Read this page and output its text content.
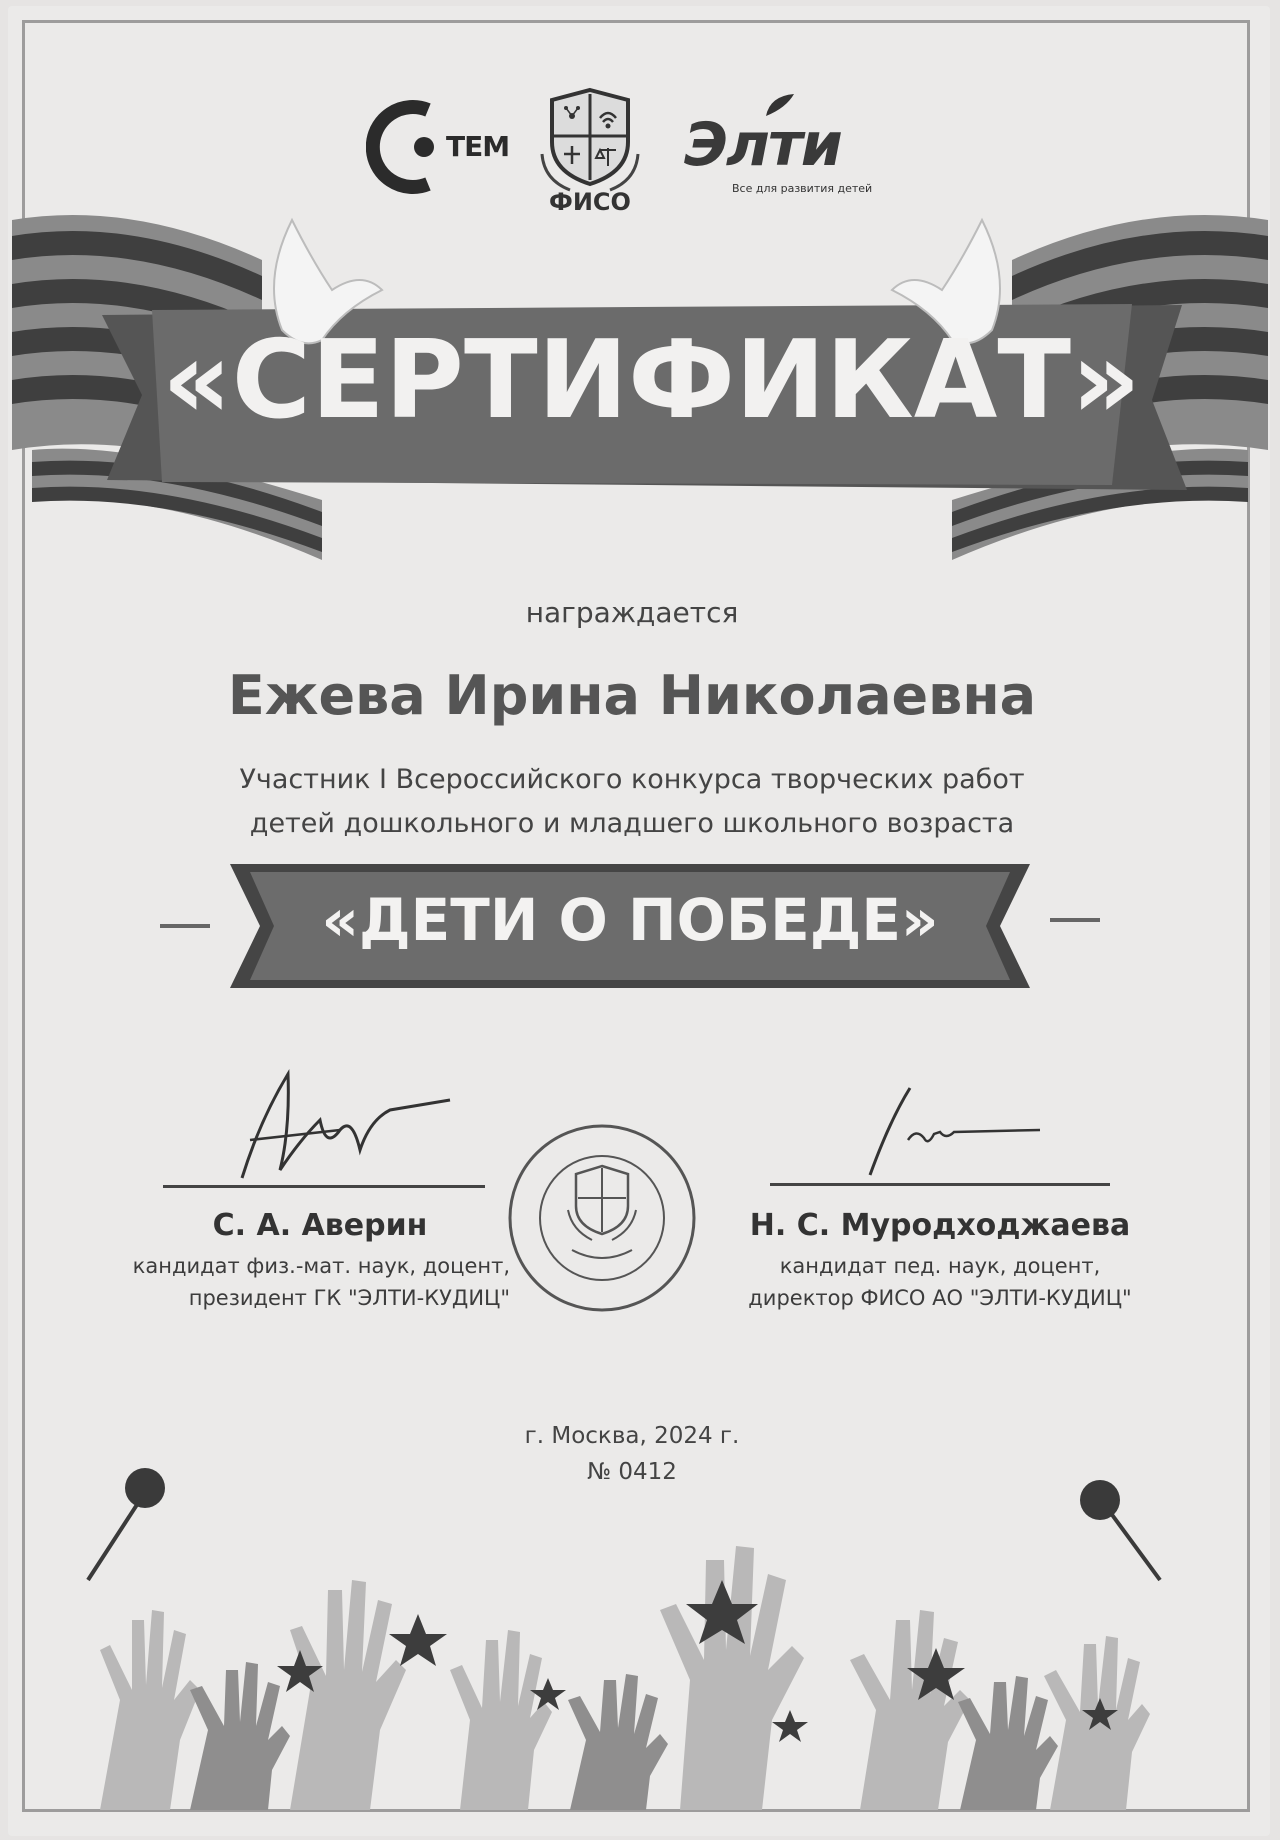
ТЕМ
ФИСО
Элти
Все для развития детей
«СЕРТИФИКАТ»
награждается
Ежева Ирина Николаевна
Участник I Всероссийского конкурса творческих работ
детей дошкольного и младшего школьного возраста
«ДЕТИ О ПОБЕДЕ»
С. А. Аверин
кандидат физ.-мат. наук, доцент,
президент ГК "ЭЛТИ-КУДИЦ"
Н. С. Муродходжаева
кандидат пед. наук, доцент,
директор ФИСО АО "ЭЛТИ-КУДИЦ"
г. Москва, 2024 г.
№ 0412
